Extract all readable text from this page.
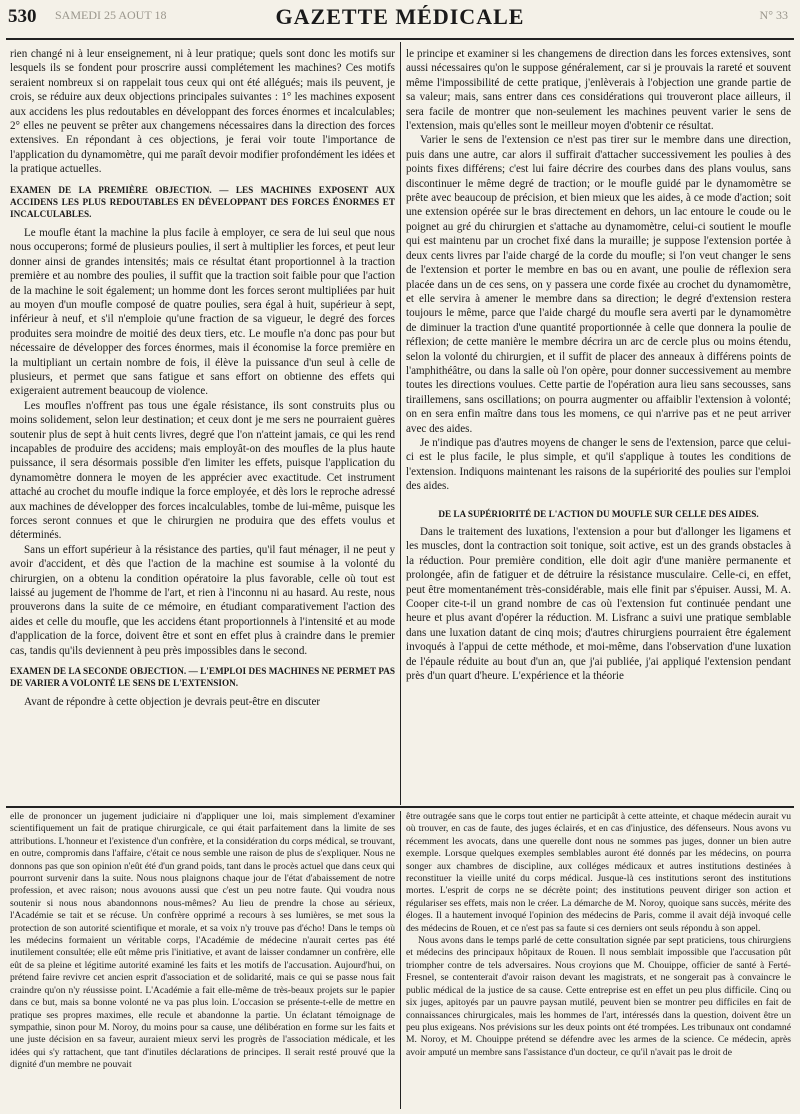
530 SAMEDI 25 AOUT 18	GAZETTE MÉDICALE	N° 33

rien changé ni à leur enseignement, ni à leur pratique; quels sont donc les motifs sur lesquels ils se fondent pour proscrire aussi complétement les machines? Ces motifs seraient nombreux si on rappelait tous ceux qui ont été allégués; mais ils peuvent, je crois, se réduire aux deux objections principales suivantes : 1° les machines exposent aux accidens les plus redoutables en développant des forces énormes et incalculables; 2° elles ne peuvent se prêter aux changemens nécessaires dans la direction des forces extensives. En répondant à ces objections, je ferai voir toute l'importance de l'application du dynamomètre, qui me paraît devoir modifier profondément les idées et la pratique actuelles.

EXAMEN DE LA PREMIÈRE OBJECTION. — LES MACHINES EXPOSENT AUX ACCIDENS LES PLUS REDOUTABLES EN DÉVELOPPANT DES FORCES ÉNORMES ET INCALCULABLES.

Le moufle étant la machine la plus facile à employer, ce sera de lui seul que nous nous occuperons; formé de plusieurs poulies, il sert à multiplier les forces, et peut leur donner ainsi de grandes intensités; mais ce résultat étant proportionnel à la traction première et au nombre des poulies, il suffit que la traction soit faible pour que l'action de la machine le soit également; un homme dont les forces seront multipliées par huit au moyen d'un moufle composé de quatre poulies, sera égal à huit, supérieur à sept, inférieur à neuf, et s'il n'emploie qu'une fraction de sa vigueur, le degré des forces produites sera moindre de moitié des deux tiers, etc. Le moufle n'a donc pas pour but nécessaire de développer des forces énormes, mais il économise la force première en la multipliant un certain nombre de fois, il élève la puissance d'un seul à celle de plusieurs, et permet que sans fatigue et sans effort on obtienne des effets qui exigeraient autrement beaucoup de violence.

Les moufles n'offrent pas tous une égale résistance, ils sont construits plus ou moins solidement, selon leur destination; et ceux dont je me sers ne pourraient guères soutenir plus de sept à huit cents livres, degré que l'on n'atteint jamais, ce qui les rend incapables de produire des accidens; mais employât-on des moufles de la plus haute puissance, il sera désormais possible d'en limiter les effets, puisque l'application du dynamomètre donnera le moyen de les apprécier avec exactitude. Cet instrument attaché au crochet du moufle indique la force employée, et dès lors le reproche adressé aux machines de développer des forces incalculables, tombe de lui-même, puisque les forces seront connues et que le chirurgien ne produira que des effets voulus et déterminés.

Sans un effort supérieur à la résistance des parties, qu'il faut ménager, il ne peut y avoir d'accident, et dès que l'action de la machine est soumise à la volonté du chirurgien, on a obtenu la condition opératoire la plus favorable, celle où tout est laissé au jugement de l'homme de l'art, et rien à l'inconnu ni au hasard. Au reste, nous prouverons dans la suite de ce mémoire, en étudiant comparativement l'action des aides et celle du moufle, que les accidens étant proportionnels à l'intensité et au mode d'application de la force, doivent être et sont en effet plus à craindre dans le premier cas, tandis qu'ils deviennent à peu près impossibles dans le second.

EXAMEN DE LA SECONDE OBJECTION. — L'EMPLOI DES MACHINES NE PERMET PAS DE VARIER A VOLONTÉ LE SENS DE L'EXTENSION.

Avant de répondre à cette objection je devrais peut-être en discuter

le principe et examiner si les changemens de direction dans les forces extensives, sont aussi nécessaires qu'on le suppose généralement, car si je prouvais la rareté et souvent même l'impossibilité de cette pratique, j'enlèverais à l'objection une grande partie de sa valeur; mais, sans entrer dans ces considérations qui trouveront place ailleurs, il sera facile de montrer que non-seulement les machines peuvent varier le sens de l'extension, mais qu'elles sont le meilleur moyen d'obtenir ce résultat.

Varier le sens de l'extension ce n'est pas tirer sur le membre dans une direction, puis dans une autre, car alors il suffirait d'attacher successivement les poulies à des points fixes différens; c'est lui faire décrire des courbes dans des plans voulus, sans discontinuer le même degré de traction; or le moufle guidé par le dynamomètre se prête avec beaucoup de précision, et bien mieux que les aides, à ce mode d'action; soit une extension opérée sur le bras directement en dehors, un lac entoure le coude ou le poignet au gré du chirurgien et s'attache au dynamomètre, celui-ci soutient le moufle qui est maintenu par un crochet fixé dans la muraille; je suppose l'extension portée à deux cents livres par l'aide chargé de la corde du moufle; si l'on veut changer le sens de l'extension et porter le membre en bas ou en avant, une poulie de réflexion sera placée dans un de ces sens, on y passera une corde fixée au crochet du dynamomètre, et elle servira à amener le membre dans sa direction; le degré d'extension restera toujours le même, parce que l'aide chargé du moufle sera averti par le dynamomètre de diminuer la traction d'une quantité proportionnée à celle que donnera la poulie de réflexion; de cette manière le membre décrira un arc de cercle plus ou moins étendu, selon la volonté du chirurgien, et il suffit de placer des anneaux à différens points de l'amphithéâtre, ou dans la salle où l'on opère, pour donner successivement au membre toutes les directions voulues. Cette partie de l'opération aura lieu sans secousses, sans tiraillemens, sans oscillations; on pourra augmenter ou affaiblir l'extension à volonté; on en sera enfin maître dans tous les momens, ce qui n'arrive pas et ne peut arriver avec des aides.

Je n'indique pas d'autres moyens de changer le sens de l'extension, parce que celui-ci est le plus facile, le plus simple, et qu'il s'applique à toutes les conditions de l'extension. Indiquons maintenant les raisons de la supériorité des poulies sur l'emploi des aides.

DE LA SUPÉRIORITÉ DE L'ACTION DU MOUFLE SUR CELLE DES AIDES.

Dans le traitement des luxations, l'extension a pour but d'allonger les ligamens et les muscles, dont la contraction soit tonique, soit active, est un des grands obstacles à la réduction. Pour première condition, elle doit agir d'une manière permanente et prolongée, afin de fatiguer et de détruire la résistance musculaire. Celle-ci, en effet, peut être momentanément très-considérable, mais elle finit par s'épuiser. Aussi, M. A. Cooper cite-t-il un grand nombre de cas où l'extension fut continuée pendant une heure et plus avant d'opérer la réduction. M. Lisfranc a suivi une pratique semblable dans une luxation datant de cinq mois; d'autres chirurgiens pourraient être également invoqués à l'appui de cette méthode, et moi-même, dans l'observation d'une luxation de l'épaule réduite au bout d'un an, que j'ai publiée, j'ai appliqué l'extension pendant près d'un quart d'heure. L'expérience et la théorie

elle de prononcer un jugement judiciaire ni d'appliquer une loi, mais simplement d'examiner scientifiquement un fait de pratique chirurgicale, ce qui était parfaitement dans la limite de ses attributions. L'honneur et l'existence d'un confrère, et la considération du corps médical, se trouvant, en outre, compromis dans l'affaire, c'était ce nous semble une raison de plus de s'expliquer. Nous ne donnons pas que son opinion n'eût été d'un grand poids, tant dans le procès actuel que dans ceux qui pourront survenir dans la suite. Nous nous plaignons chaque jour de l'état d'abaissement de notre profession, et avec raison; nous avouons aussi que c'est un peu notre faute. Qui voudra nous soutenir si nous nous abandonnons nous-mêmes? Au lieu de prendre la chose au sérieux, l'Académie se tait et se récuse. Un confrère opprimé a recours à ses lumières, se met sous la protection de son autorité scientifique et morale, et sa voix n'y trouve pas d'écho! Dans le temps où les médecins formaient un véritable corps, l'Académie de médecine n'aurait certes pas été inutilement consultée; elle eût même pris l'initiative, et avant de laisser condamner un confrère, elle eût de sa pleine et légitime autorité examiné les faits et les motifs de l'accusation. Aujourd'hui, on prétend faire revivre cet ancien esprit d'association et de solidarité, mais ce qui se passe nous fait craindre qu'on n'y réussisse point. L'Académie a fait elle-même de très-beaux projets sur le papier dans ce but, mais sa bonne volonté ne va pas plus loin. L'occasion se présente-t-elle de mettre en pratique ses propres maximes, elle recule et abandonne la partie. Un éclatant témoignage de sympathie, sinon pour M. Noroy, du moins pour sa cause, une délibération en forme sur les faits et une juste décision en sa faveur, auraient mieux servi les progrès de l'association médicale, et les idées qui s'y rattachent, que tant d'inutiles déclarations de principes. Il serait resté prouvé que la dignité d'un membre ne pouvait

être outragée sans que le corps tout entier ne participât à cette atteinte, et chaque médecin aurait vu où trouver, en cas de faute, des juges éclairés, et en cas d'injustice, des défenseurs. Nous avons vu récemment les avocats, dans une querelle dont nous ne sommes pas juges, donner un bien autre exemple. Lorsque quelques exemples semblables auront été donnés par les médecins, on pourra songer aux chambres de discipline, aux colléges médicaux et autres institutions destinées à reconstituer la vieille unité du corps médical. Jusque-là ces institutions seront des institutions mortes. L'esprit de corps ne se décrète point; des institutions peuvent diriger son action et régulariser ses effets, mais non le créer. La démarche de M. Noroy, quoique sans succès, mérite des éloges. Il a hautement invoqué l'opinion des médecins de Paris, comme il avait déjà invoqué celle des médecins de Rouen, et ce n'est pas sa faute si ces derniers ont seuls répondu à son appel.

Nous avons dans le temps parlé de cette consultation signée par sept praticiens, tous chirurgiens et médecins des principaux hôpitaux de Rouen. Il nous semblait impossible que l'accusation pût triompher contre de tels adversaires. Nous croyions que M. Chouippe, officier de santé à Ferté-Fresnel, se contenterait d'avoir raison devant les magistrats, et ne songerait pas à convaincre le public médical de la justice de sa cause. Cette entreprise est en effet un peu plus difficile. Cinq ou six juges, apitoyés par un pauvre paysan mutilé, peuvent bien se montrer peu difficiles en fait de connaissances chirurgicales, mais les hommes de l'art, intéressés dans la question, doivent être un peu plus exigeans. Nos prévisions sur les deux points ont été trompées. Les tribunaux ont condamné M. Noroy, et M. Chouippe prétend se défendre avec les armes de la science. Ce médecin, après avoir amputé un membre sans l'assistance d'un docteur, ce qu'il n'avait pas le droit de
